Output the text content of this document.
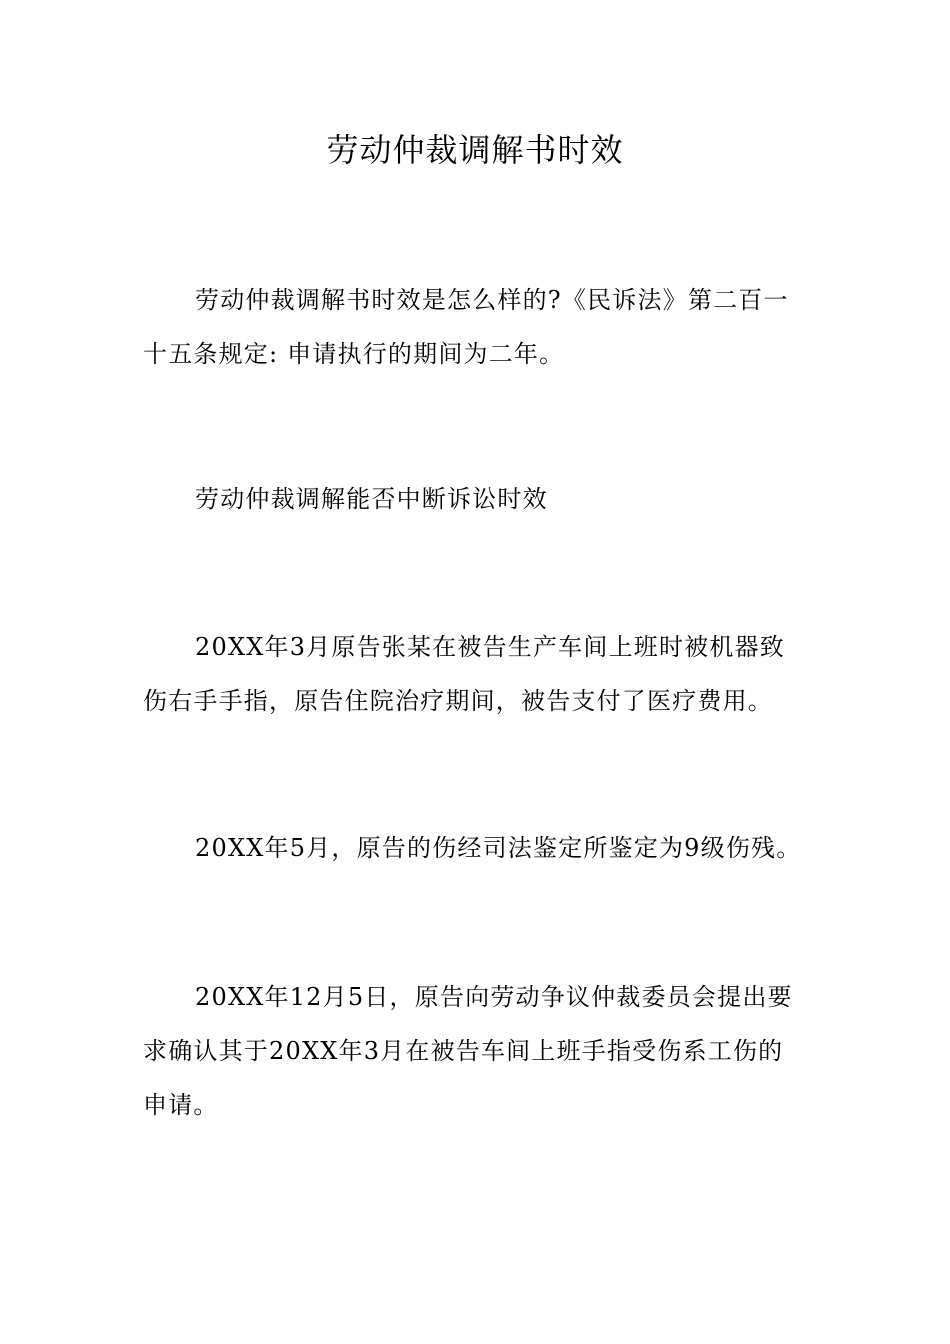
劳动仲裁调解书时效

劳动仲裁调解书时效是怎么样的?《民诉法》第二百一十五条规定: 申请执行的期间为二年。

劳动仲裁调解能否中断诉讼时效

20XX年3月原告张某在被告生产车间上班时被机器致伤右手手指，原告住院治疗期间，被告支付了医疗费用。

20XX年5月，原告的伤经司法鉴定所鉴定为9级伤残。

20XX年12月5日，原告向劳动争议仲裁委员会提出要求确认其于20XX年3月在被告车间上班手指受伤系工伤的申请。
